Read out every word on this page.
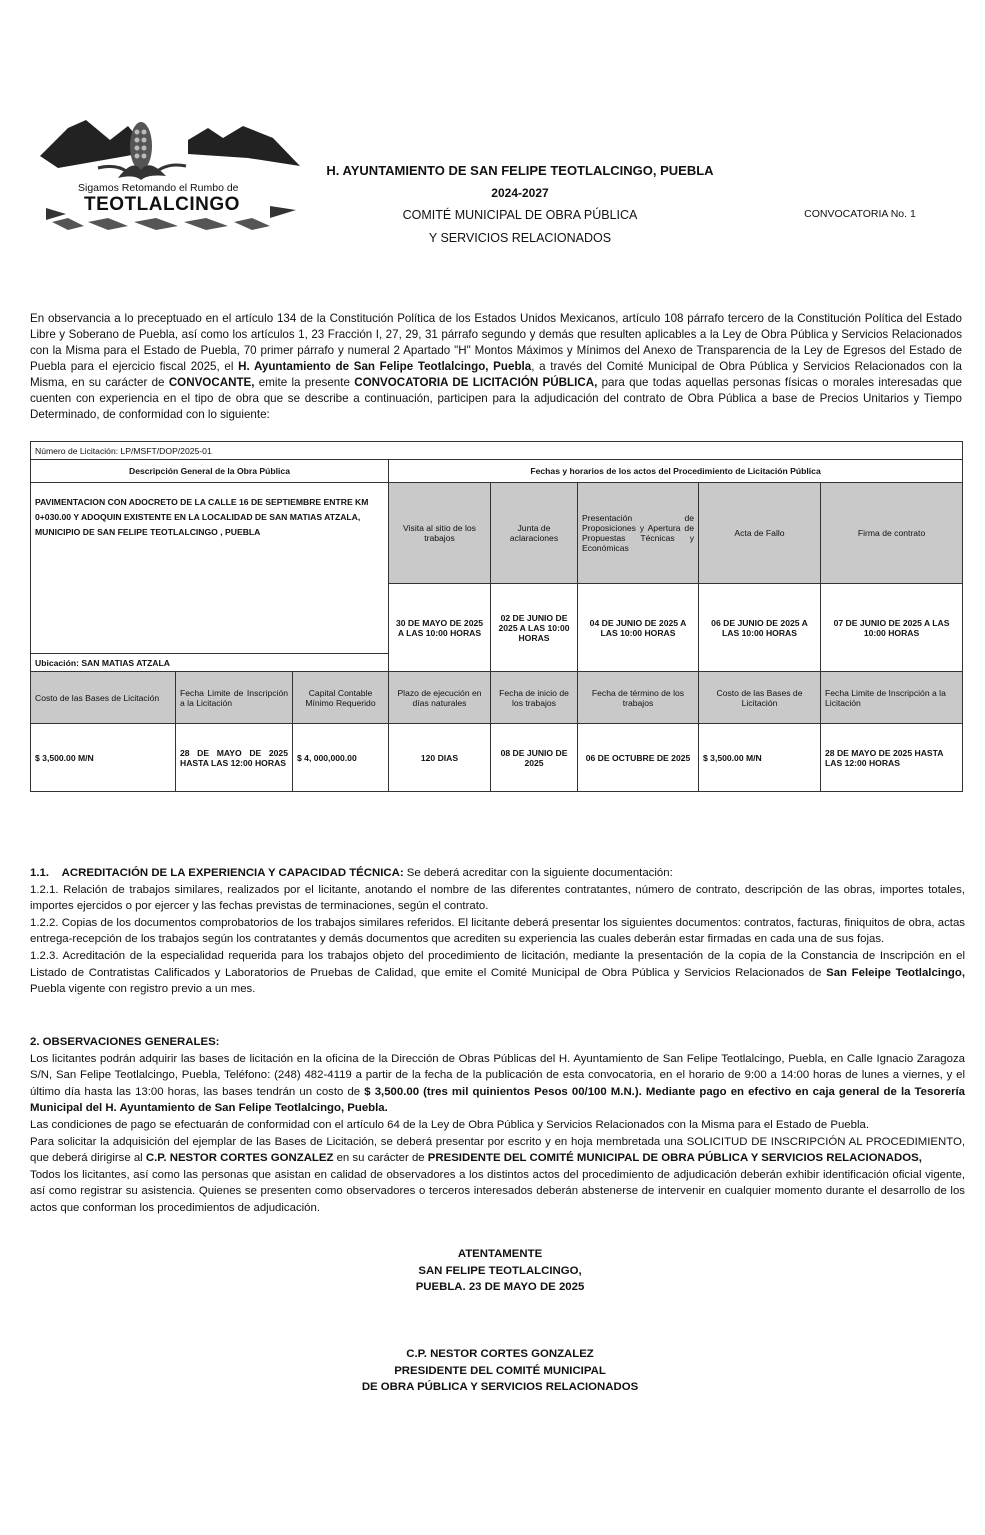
Sigamos Retomando el Rumbo de
TEOTLALCINGO
H. AYUNTAMIENTO DE SAN FELIPE TEOTLALCINGO, PUEBLA
2024-2027
COMITÉ MUNICIPAL DE OBRA PÚBLICA
Y SERVICIOS RELACIONADOS
CONVOCATORIA No. 1
En observancia a lo preceptuado en el artículo 134 de la Constitución Política de los Estados Unidos Mexicanos, artículo 108 párrafo tercero de la Constitución Política del Estado Libre y Soberano de Puebla, así como los artículos 1, 23 Fracción I, 27, 29, 31 párrafo segundo y demás que resulten aplicables a la Ley de Obra Pública y Servicios Relacionados con la Misma para el Estado de Puebla, 70 primer párrafo y numeral 2 Apartado "H" Montos Máximos y Mínimos del Anexo de Transparencia de la Ley de Egresos del Estado de Puebla para el ejercicio fiscal 2025, el H. Ayuntamiento de San Felipe Teotlalcingo, Puebla, a través del Comité Municipal de Obra Pública y Servicios Relacionados con la Misma, en su carácter de CONVOCANTE, emite la presente CONVOCATORIA DE LICITACIÓN PÚBLICA, para que todas aquellas personas físicas o morales interesadas que cuenten con experiencia en el tipo de obra que se describe a continuación, participen para la adjudicación del contrato de Obra Pública a base de Precios Unitarios y Tiempo Determinado, de conformidad con lo siguiente:
Número de Licitación: LP/MSFT/DOP/2025-01							
Descripción General de la Obra Pública			Fechas y horarios de los actos del Procedimiento de Licitación Pública				
PAVIMENTACION CON ADOCRETO DE LA CALLE 16 DE SEPTIEMBRE ENTRE KM 0+030.00 Y ADOQUIN EXISTENTE EN LA LOCALIDAD DE SAN MATIAS ATZALA, MUNICIPIO DE SAN FELIPE TEOTLALCINGO , PUEBLA			Visita al sitio de los trabajos	Junta de aclaraciones	Presentación de Proposiciones y Apertura de Propuestas Técnicas y Económicas	Acta de Fallo	Firma de contrato
			30 DE MAYO DE 2025 A LAS 10:00 HORAS	02 DE JUNIO DE 2025 A LAS 10:00 HORAS	04 DE JUNIO DE 2025 A LAS 10:00 HORAS	06 DE JUNIO DE 2025 A LAS 10:00 HORAS	07 DE JUNIO DE 2025 A LAS 10:00 HORAS
Ubicación: SAN MATIAS ATZALA							
Costo de las Bases de Licitación	Fecha Limite de Inscripción a la Licitación	Capital Contable Mínimo Requerido	Plazo de ejecución en días naturales	Fecha de inicio de los trabajos	Fecha de término de los trabajos	Costo de las Bases de Licitación	Fecha Limite de Inscripción a la Licitación
$ 3,500.00 M/N	28 DE MAYO DE 2025 HASTA LAS 12:00 HORAS	$ 4, 000,000.00	120 DIAS	08 DE JUNIO DE 2025	06 DE OCTUBRE DE 2025	$ 3,500.00 M/N	28 DE MAYO DE 2025 HASTA LAS 12:00 HORAS

1.1. ACREDITACIÓN DE LA EXPERIENCIA Y CAPACIDAD TÉCNICA: Se deberá acreditar con la siguiente documentación:

1.2.1. Relación de trabajos similares, realizados por el licitante, anotando el nombre de las diferentes contratantes, número de contrato, descripción de las obras, importes totales, importes ejercidos o por ejercer y las fechas previstas de terminaciones, según el contrato.

1.2.2. Copias de los documentos comprobatorios de los trabajos similares referidos. El licitante deberá presentar los siguientes documentos: contratos, facturas, finiquitos de obra, actas entrega-recepción de los trabajos según los contratantes y demás documentos que acrediten su experiencia las cuales deberán estar firmadas en cada una de sus fojas.

1.2.3. Acreditación de la especialidad requerida para los trabajos objeto del procedimiento de licitación, mediante la presentación de la copia de la Constancia de Inscripción en el Listado de Contratistas Calificados y Laboratorios de Pruebas de Calidad, que emite el Comité Municipal de Obra Pública y Servicios Relacionados de San Feleipe Teotlalcingo, Puebla vigente con registro previo a un mes.

2. OBSERVACIONES GENERALES:

Los licitantes podrán adquirir las bases de licitación en la oficina de la Dirección de Obras Públicas del H. Ayuntamiento de San Felipe Teotlalcingo, Puebla, en Calle Ignacio Zaragoza S/N, San Felipe Teotlalcingo, Puebla, Teléfono: (248) 482-4119 a partir de la fecha de la publicación de esta convocatoria, en el horario de 9:00 a 14:00 horas de lunes a viernes, y el último día hasta las 13:00 horas, las bases tendrán un costo de $ 3,500.00 (tres mil quinientos Pesos 00/100 M.N.). Mediante pago en efectivo en caja general de la Tesorería Municipal del H. Ayuntamiento de San Felipe Teotlalcingo, Puebla.

Las condiciones de pago se efectuarán de conformidad con el artículo 64 de la Ley de Obra Pública y Servicios Relacionados con la Misma para el Estado de Puebla.

Para solicitar la adquisición del ejemplar de las Bases de Licitación, se deberá presentar por escrito y en hoja membretada una SOLICITUD DE INSCRIPCIÓN AL PROCEDIMIENTO, que deberá dirigirse al C.P. NESTOR CORTES GONZALEZ en su carácter de PRESIDENTE DEL COMITÉ MUNICIPAL DE OBRA PÚBLICA Y SERVICIOS RELACIONADOS,

Todos los licitantes, así como las personas que asistan en calidad de observadores a los distintos actos del procedimiento de adjudicación deberán exhibir identificación oficial vigente, así como registrar su asistencia. Quienes se presenten como observadores o terceros interesados deberán abstenerse de intervenir en cualquier momento durante el desarrollo de los actos que conforman los procedimientos de adjudicación.

ATENTAMENTE
SAN FELIPE TEOTLALCINGO,
PUEBLA. 23 DE MAYO DE 2025
C.P. NESTOR CORTES GONZALEZ
PRESIDENTE DEL COMITÉ MUNICIPAL
DE OBRA PÚBLICA Y SERVICIOS RELACIONADOS
